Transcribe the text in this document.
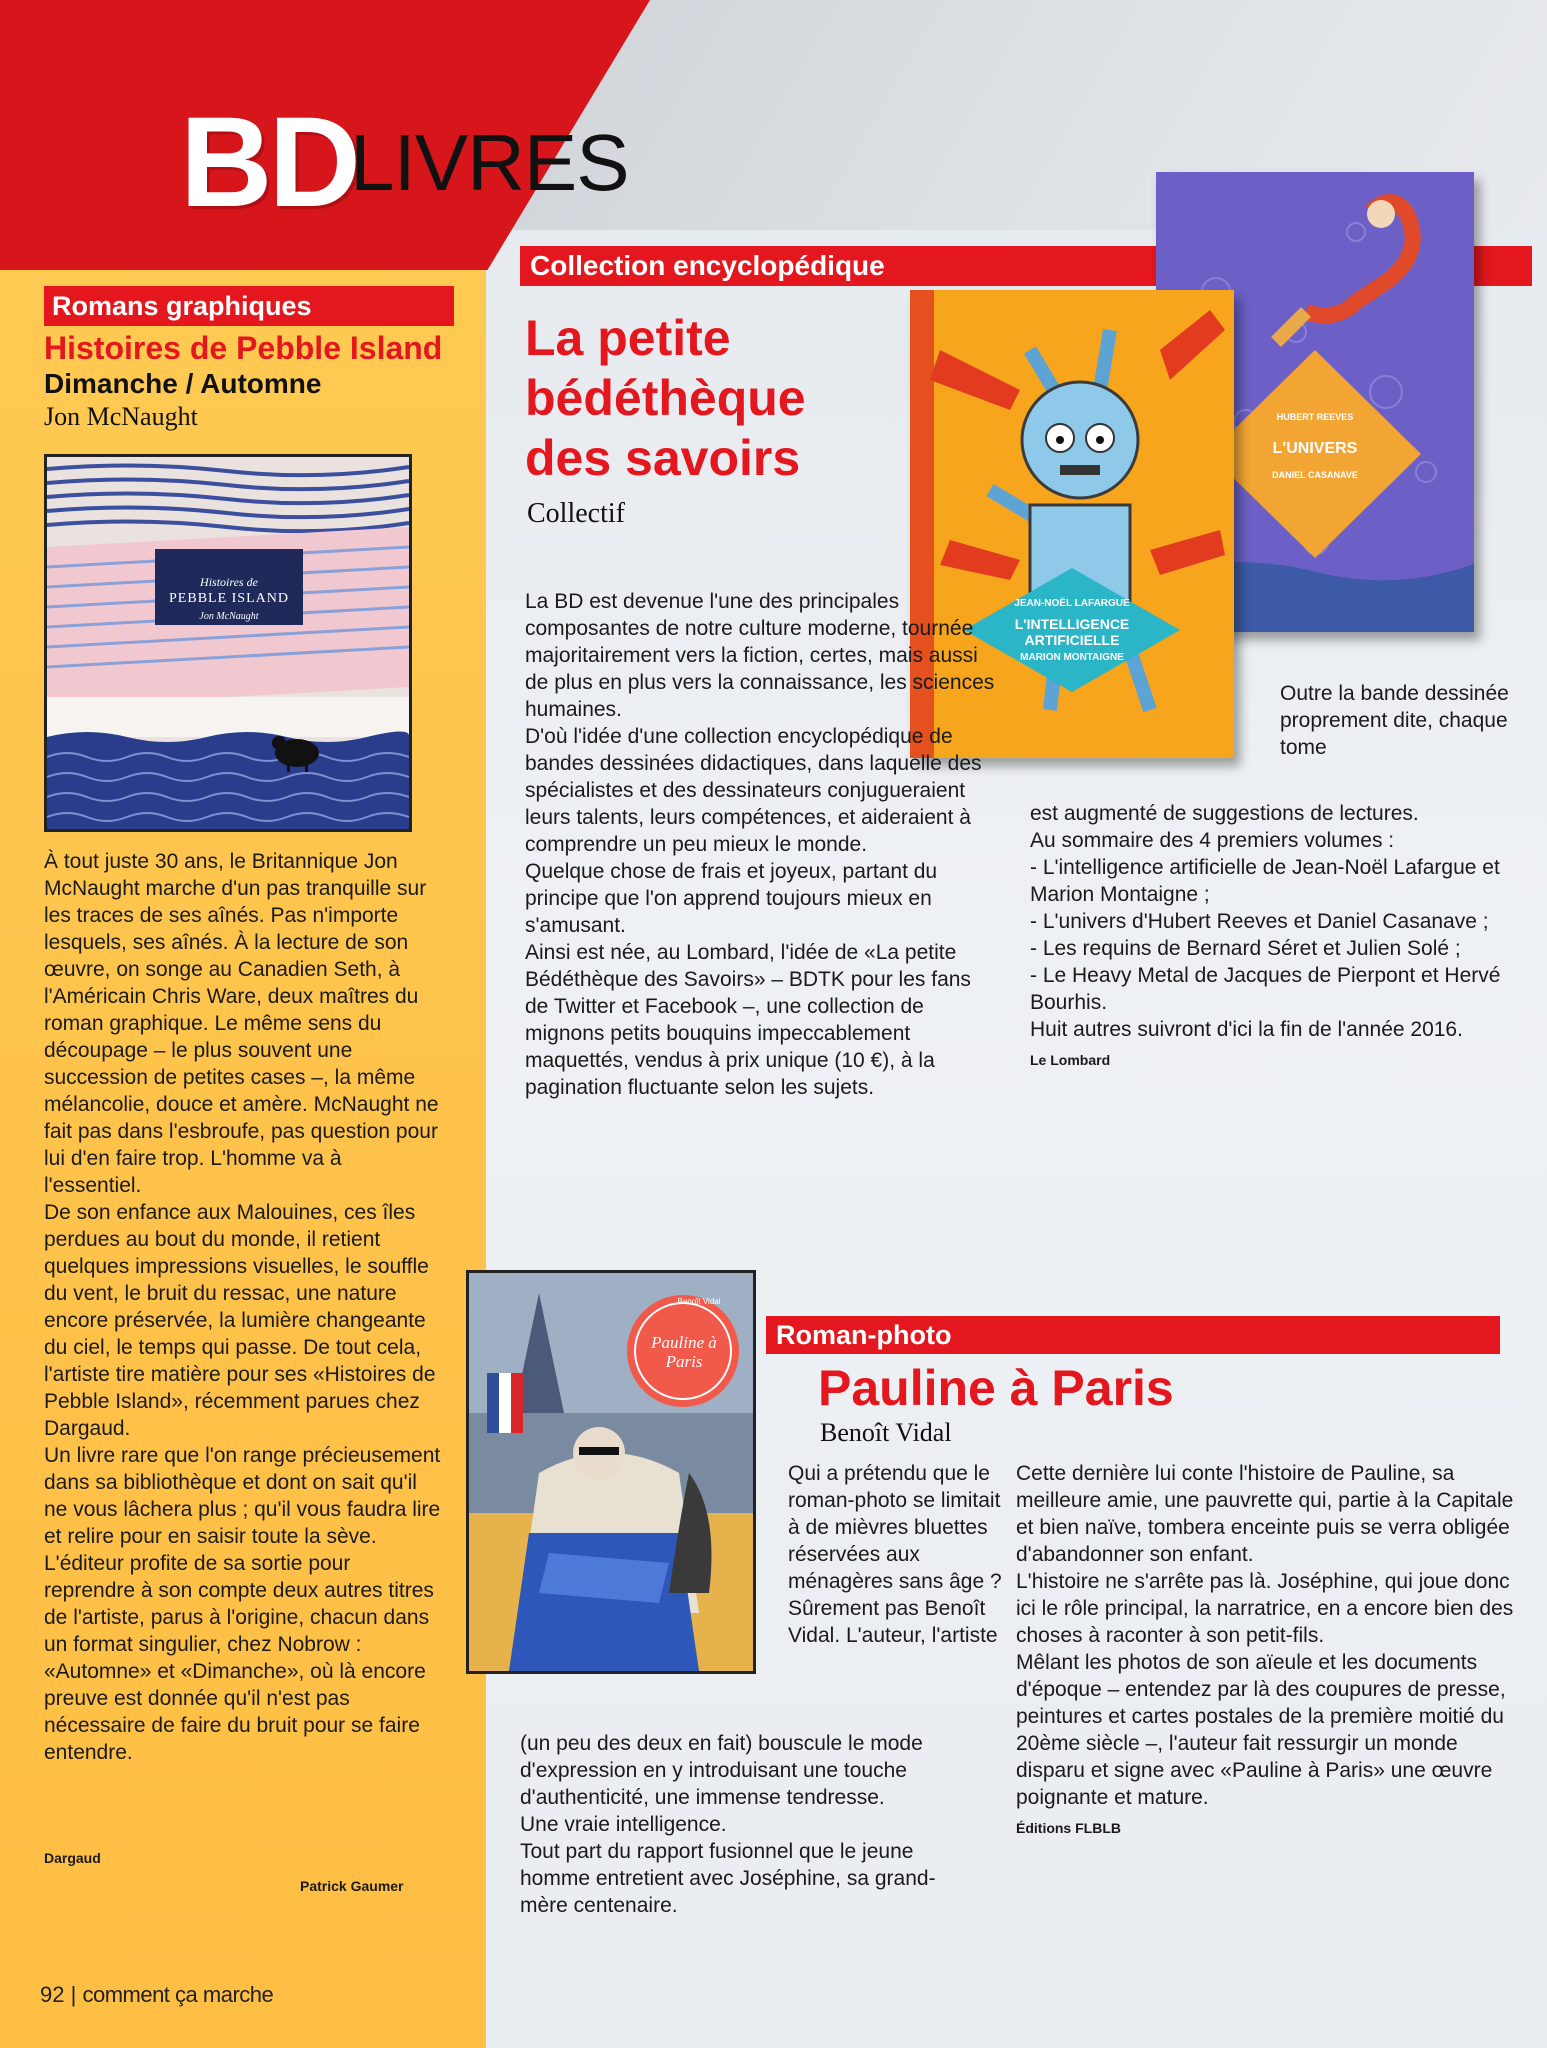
BD
LIVRES
Romans graphiques
Histoires de Pebble Island
Dimanche / Automne
Jon McNaught
Histoires de
PEBBLE ISLAND
Jon McNaught
À tout juste 30 ans, le Britannique Jon McNaught marche d'un pas tranquille sur les traces de ses aînés. Pas n'importe lesquels, ses aînés. À la lecture de son œuvre, on songe au Canadien Seth, à l'Américain Chris Ware, deux maîtres du roman graphique. Le même sens du découpage – le plus souvent une succession de petites cases –, la même mélancolie, douce et amère. McNaught ne fait pas dans l'esbroufe, pas question pour lui d'en faire trop. L'homme va à l'essentiel.
De son enfance aux Malouines, ces îles perdues au bout du monde, il retient quelques impressions visuelles, le souffle du vent, le bruit du ressac, une nature encore préservée, la lumière changeante du ciel, le temps qui passe. De tout cela, l'artiste tire matière pour ses «Histoires de Pebble Island», récemment parues chez Dargaud.
Un livre rare que l'on range précieusement dans sa bibliothèque et dont on sait qu'il ne vous lâchera plus ; qu'il vous faudra lire et relire pour en saisir toute la sève.
L'éditeur profite de sa sortie pour reprendre à son compte deux autres titres de l'artiste, parus à l'origine, chacun dans un format singulier, chez Nobrow : «Automne» et «Dimanche», où là encore preuve est donnée qu'il n'est pas nécessaire de faire du bruit pour se faire entendre.
Dargaud
Patrick Gaumer
Collection encyclopédique
HUBERT REEVES
L'UNIVERS
DANIEL CASANAVE
JEAN-NOËL LAFARGUE
L'INTELLIGENCE ARTIFICIELLE
MARION MONTAIGNE
La petite
bédéthèque
des savoirs
Collectif
La BD est devenue l'une des principales composantes de notre culture moderne, tournée majoritairement vers la fiction, certes, mais aussi de plus en plus vers la connaissance, les sciences humaines.
D'où l'idée d'une collection encyclopédique de bandes dessinées didactiques, dans laquelle des spécialistes et des dessinateurs conjugueraient leurs talents, leurs compétences, et aideraient à comprendre un peu mieux le monde.
Quelque chose de frais et joyeux, partant du principe que l'on apprend toujours mieux en s'amusant.
Ainsi est née, au Lombard, l'idée de «La petite Bédéthèque des Savoirs» – BDTK pour les fans de Twitter et Facebook –, une collection de mignons petits bouquins impeccablement maquettés, vendus à prix unique (10 €), à la pagination fluctuante selon les sujets.
Outre la bande dessinée proprement dite, chaque tome
est augmenté de suggestions de lectures.
Au sommaire des 4 premiers volumes :
- L'intelligence artificielle de Jean-Noël Lafargue et Marion Montaigne ;
- L'univers d'Hubert Reeves et Daniel Casanave ;
- Les requins de Bernard Séret et Julien Solé ;
- Le Heavy Metal de Jacques de Pierpont et Hervé Bourhis.
Huit autres suivront d'ici la fin de l'année 2016.
Le Lombard
Benoît Vidal
Pauline à Paris
Roman-photo
Pauline à Paris
Benoît Vidal
Qui a prétendu que le roman-photo se limitait à de mièvres bluettes réservées aux ménagères sans âge ? Sûrement pas Benoît Vidal. L'auteur, l'artiste
(un peu des deux en fait) bouscule le mode d'expression en y introduisant une touche d'authenticité, une immense tendresse.
Une vraie intelligence.
Tout part du rapport fusionnel que le jeune homme entretient avec Joséphine, sa grand-mère centenaire.
Cette dernière lui conte l'histoire de Pauline, sa meilleure amie, une pauvrette qui, partie à la Capitale et bien naïve, tombera enceinte puis se verra obligée d'abandonner son enfant.
L'histoire ne s'arrête pas là. Joséphine, qui joue donc ici le rôle principal, la narratrice, en a encore bien des choses à raconter à son petit-fils.
Mêlant les photos de son aïeule et les documents d'époque – entendez par là des coupures de presse, peintures et cartes postales de la première moitié du 20ème siècle –, l'auteur fait ressurgir un monde disparu et signe avec «Pauline à Paris» une œuvre poignante et mature.
Éditions FLBLB
92 | comment ça marche
